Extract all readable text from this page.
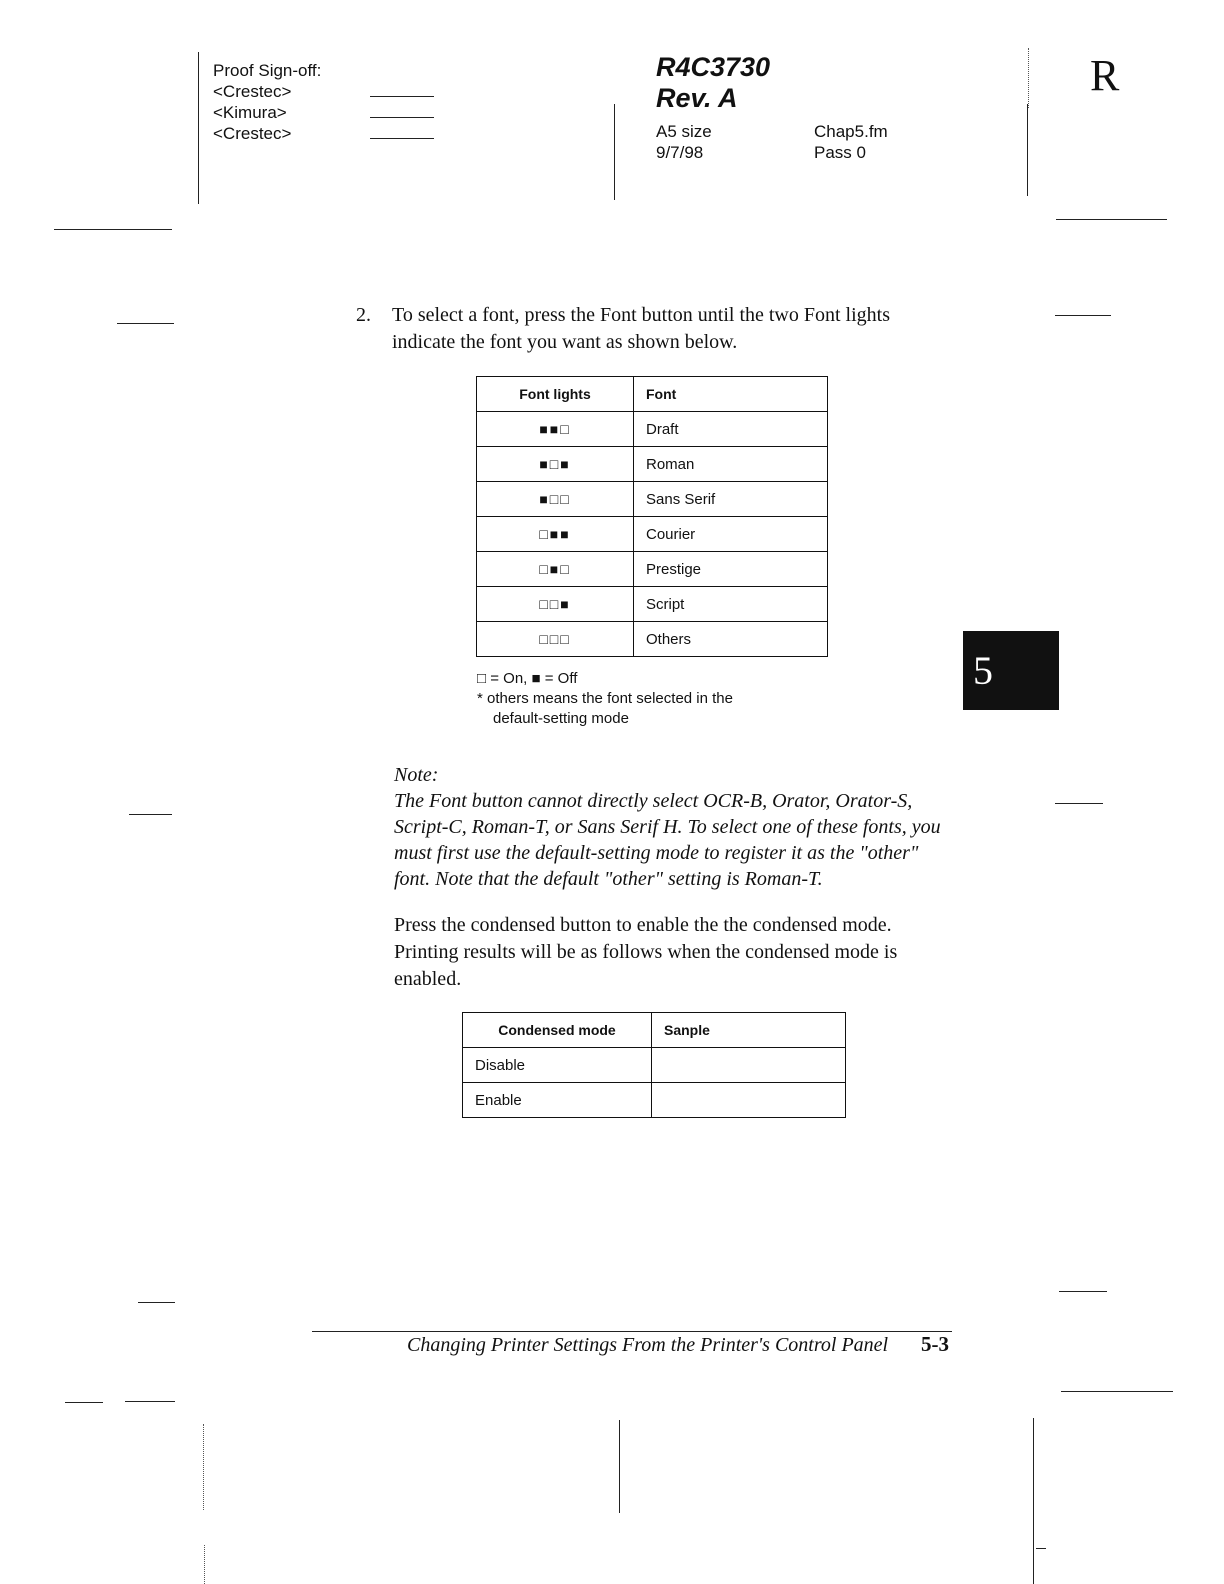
Proof Sign-off:
<Crestec>
<Kimura>
<Crestec>
R4C3730
Rev. A
A5 size
9/7/98
Chap5.fm
Pass 0
R
2. To select a font, press the Font button until the two Font lights indicate the font you want as shown below.
Font lights	Font
■■□	Draft
■□■	Roman
■□□	Sans Serif
□■■	Courier
□■□	Prestige
□□■	Script
□□□	Others
□ = On, ■ = Off
* others means the font selected in the
default-setting mode
5
Note:
The Font button cannot directly select OCR-B, Orator, Orator-S, Script-C, Roman-T, or Sans Serif H. To select one of these fonts, you must first use the default-setting mode to register it as the "other" font. Note that the default "other" setting is Roman-T.
Press the condensed button to enable the the condensed mode. Printing results will be as follows when the condensed mode is enabled.
Condensed mode	Sanple
Disable	
Enable	
Changing Printer Settings From the Printer's Control Panel 5-3
